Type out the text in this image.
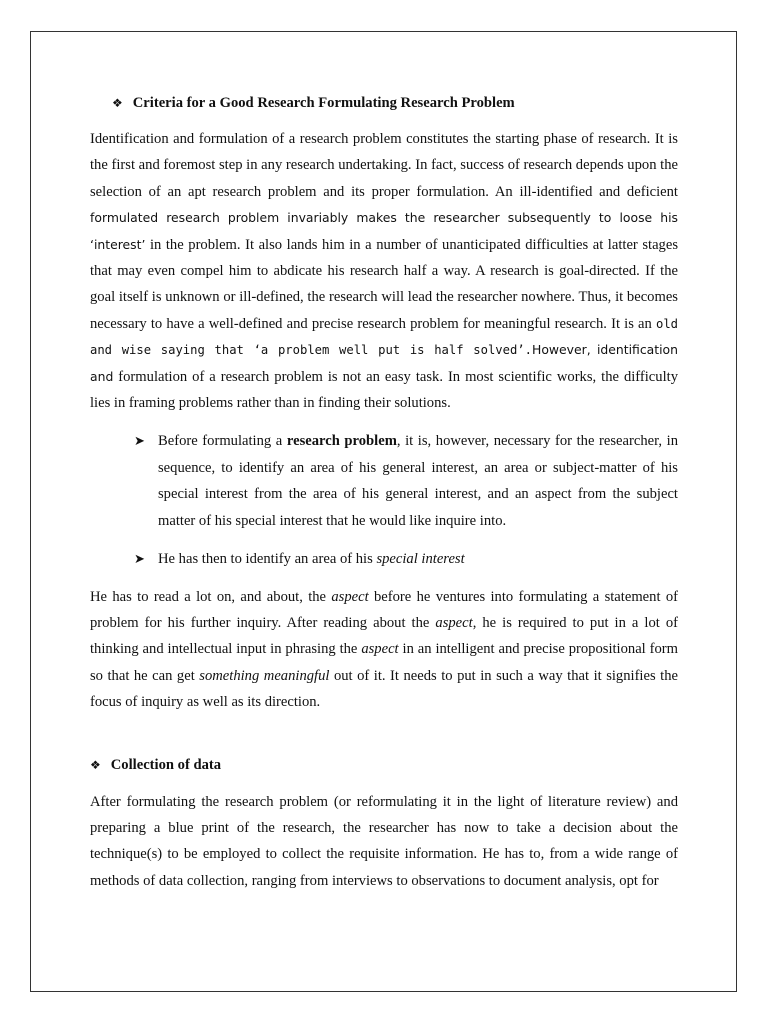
❖ Criteria for a Good Research Formulating Research Problem

Identification and formulation of a research problem constitutes the starting phase of research. It is the first and foremost step in any research undertaking. In fact, success of research depends upon the selection of an apt research problem and its proper formulation. An ill-identified and deficient formulated research problem invariably makes the researcher subsequently to loose his ‘interest’ in the problem. It also lands him in a number of unanticipated difficulties at latter stages that may even compel him to abdicate his research half a way. A research is goal-directed. If the goal itself is unknown or ill-defined, the research will lead the researcher nowhere. Thus, it becomes necessary to have a well-defined and precise research problem for meaningful research. It is an old and wise saying that ‘a problem well put is half solved’.However, identification and formulation of a research problem is not an easy task. In most scientific works, the difficulty lies in framing problems rather than in finding their solutions.

➤ Before formulating a research problem, it is, however, necessary for the researcher, in sequence, to identify an area of his general interest, an area or subject-matter of his special interest from the area of his general interest, and an aspect from the subject matter of his special interest that he would like inquire into.
➤ He has then to identify an area of his special interest

He has to read a lot on, and about, the aspect before he ventures into formulating a statement of problem for his further inquiry. After reading about the aspect, he is required to put in a lot of thinking and intellectual input in phrasing the aspect in an intelligent and precise propositional form so that he can get something meaningful out of it. It needs to put in such a way that it signifies the focus of inquiry as well as its direction.

❖ Collection of data

After formulating the research problem (or reformulating it in the light of literature review) and preparing a blue print of the research, the researcher has now to take a decision about the technique(s) to be employed to collect the requisite information. He has to, from a wide range of methods of data collection, ranging from interviews to observations to document analysis, opt for
